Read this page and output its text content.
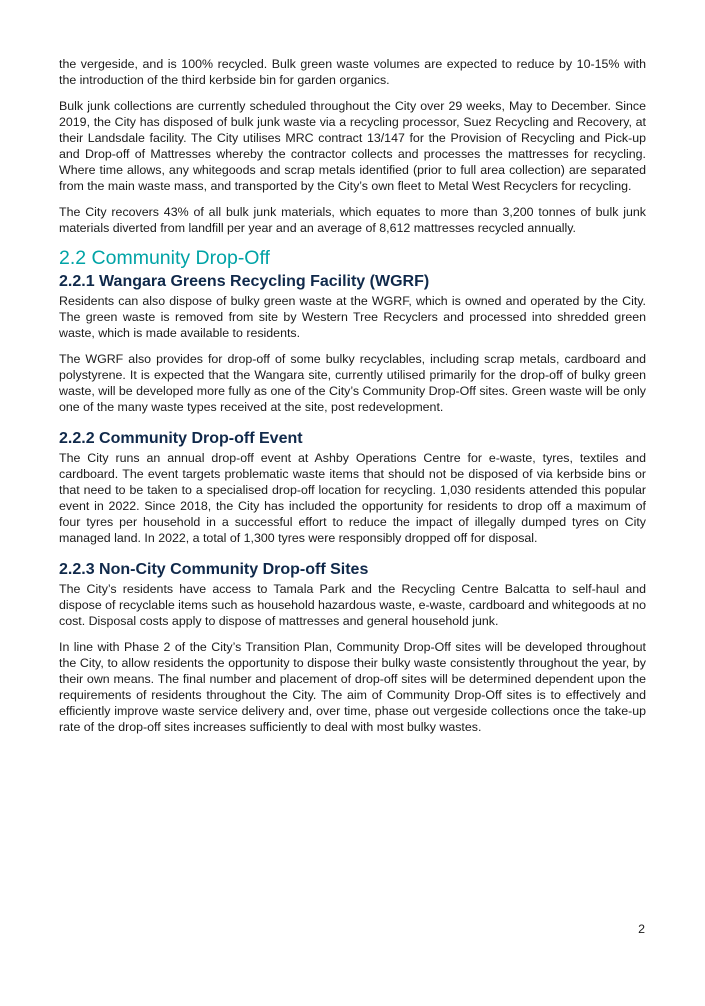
the vergeside, and is 100% recycled. Bulk green waste volumes are expected to reduce by 10-15% with the introduction of the third kerbside bin for garden organics.

Bulk junk collections are currently scheduled throughout the City over 29 weeks, May to December. Since 2019, the City has disposed of bulk junk waste via a recycling processor, Suez Recycling and Recovery, at their Landsdale facility. The City utilises MRC contract 13/147 for the Provision of Recycling and Pick-up and Drop-off of Mattresses whereby the contractor collects and processes the mattresses for recycling. Where time allows, any whitegoods and scrap metals identified (prior to full area collection) are separated from the main waste mass, and transported by the City’s own fleet to Metal West Recyclers for recycling.

The City recovers 43% of all bulk junk materials, which equates to more than 3,200 tonnes of bulk junk materials diverted from landfill per year and an average of 8,612 mattresses recycled annually.

2.2 Community Drop-Off
2.2.1 Wangara Greens Recycling Facility (WGRF)

Residents can also dispose of bulky green waste at the WGRF, which is owned and operated by the City. The green waste is removed from site by Western Tree Recyclers and processed into shredded green waste, which is made available to residents.

The WGRF also provides for drop-off of some bulky recyclables, including scrap metals, cardboard and polystyrene. It is expected that the Wangara site, currently utilised primarily for the drop-off of bulky green waste, will be developed more fully as one of the City’s Community Drop-Off sites. Green waste will be only one of the many waste types received at the site, post redevelopment.

2.2.2 Community Drop-off Event

The City runs an annual drop-off event at Ashby Operations Centre for e-waste, tyres, textiles and cardboard. The event targets problematic waste items that should not be disposed of via kerbside bins or that need to be taken to a specialised drop-off location for recycling. 1,030 residents attended this popular event in 2022. Since 2018, the City has included the opportunity for residents to drop off a maximum of four tyres per household in a successful effort to reduce the impact of illegally dumped tyres on City managed land. In 2022, a total of 1,300 tyres were responsibly dropped off for disposal.

2.2.3 Non-City Community Drop-off Sites

The City’s residents have access to Tamala Park and the Recycling Centre Balcatta to self-haul and dispose of recyclable items such as household hazardous waste, e-waste, cardboard and whitegoods at no cost. Disposal costs apply to dispose of mattresses and general household junk.

In line with Phase 2 of the City’s Transition Plan, Community Drop-Off sites will be developed throughout the City, to allow residents the opportunity to dispose their bulky waste consistently throughout the year, by their own means. The final number and placement of drop-off sites will be determined dependent upon the requirements of residents throughout the City. The aim of Community Drop-Off sites is to effectively and efficiently improve waste service delivery and, over time, phase out vergeside collections once the take-up rate of the drop-off sites increases sufficiently to deal with most bulky wastes.

2
